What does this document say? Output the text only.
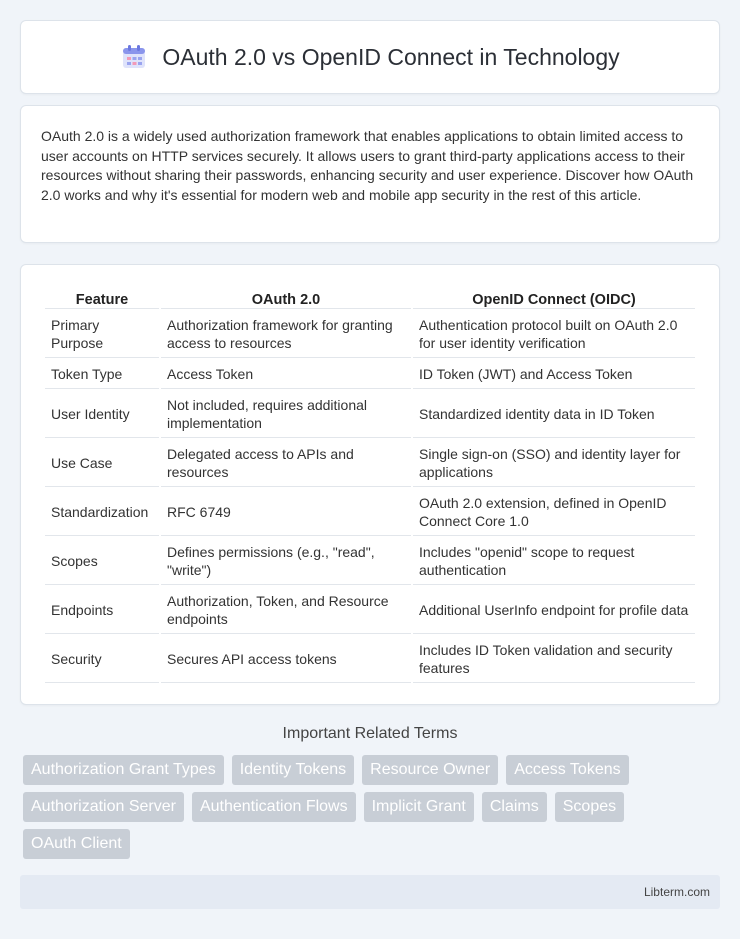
OAuth 2.0 vs OpenID Connect in Technology

OAuth 2.0 is a widely used authorization framework that enables applications to obtain limited access to user accounts on HTTP services securely. It allows users to grant third-party applications access to their resources without sharing their passwords, enhancing security and user experience. Discover how OAuth 2.0 works and why it's essential for modern web and mobile app security in the rest of this article.

Feature	OAuth 2.0	OpenID Connect (OIDC)
Primary Purpose	Authorization framework for granting access to resources	Authentication protocol built on OAuth 2.0 for user identity verification
Token Type	Access Token	ID Token (JWT) and Access Token
User Identity	Not included, requires additional implementation	Standardized identity data in ID Token
Use Case	Delegated access to APIs and resources	Single sign-on (SSO) and identity layer for applications
Standardization	RFC 6749	OAuth 2.0 extension, defined in OpenID Connect Core 1.0
Scopes	Defines permissions (e.g., "read", "write")	Includes "openid" scope to request authentication
Endpoints	Authorization, Token, and Resource endpoints	Additional UserInfo endpoint for profile data
Security	Secures API access tokens	Includes ID Token validation and security features
Important Related Terms
Authorization Grant Types	Identity Tokens	Resource Owner	Access Tokens
Authorization Server	Authentication Flows	Implicit Grant	Claims	Scopes
OAuth Client
Libterm.com
